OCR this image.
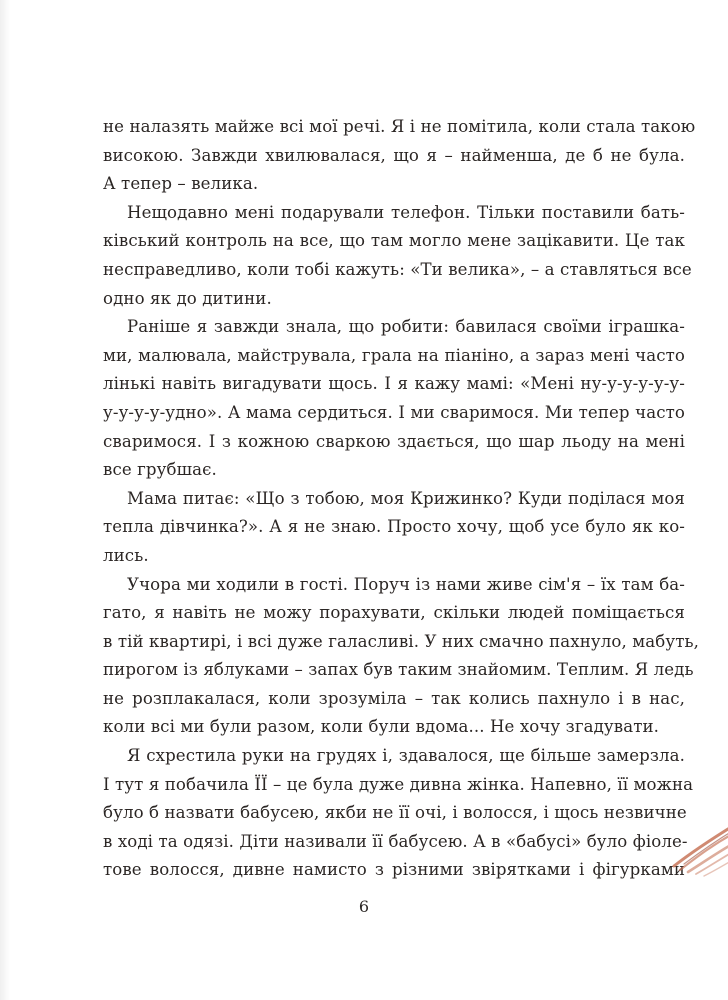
не налазять майже всі мої речі. Я і не помітила, коли стала такою
високою. Завжди хвилювалася, що я – найменша, де б не була.
А тепер – велика.
Нещодавно мені подарували телефон. Тільки поставили бать-
ківський контроль на все, що там могло мене зацікавити. Це так
несправедливо, коли тобі кажуть: «Ти велика», – а ставляться все
одно як до дитини.
Раніше я завжди знала, що робити: бавилася своїми іграшка-
ми, малювала, майструвала, грала на піаніно, а зараз мені часто
лінькі навіть вигадувати щось. І я кажу мамі: «Мені ну-у-у-у-у-у-
у-у-у-у-удно». А мама сердиться. І ми сваримося. Ми тепер часто
сваримося. І з кожною сваркою здається, що шар льоду на мені
все грубшає.
Мама питає: «Що з тобою, моя Крижинко? Куди поділася моя
тепла дівчинка?». А я не знаю. Просто хочу, щоб усе було як ко-
лись.
Учора ми ходили в гості. Поруч із нами живе сім'я – їх там ба-
гато, я навіть не можу порахувати, скільки людей поміщається
в тій квартирі, і всі дуже галасливі. У них смачно пахнуло, мабуть,
пирогом із яблуками – запах був таким знайомим. Теплим. Я ледь
не розплакалася, коли зрозуміла – так колись пахнуло і в нас,
коли всі ми були разом, коли були вдома... Не хочу згадувати.
Я схрестила руки на грудях і, здавалося, ще більше замерзла.
І тут я побачила ЇЇ – це була дуже дивна жінка. Напевно, її можна
було б назвати бабусею, якби не її очі, і волосся, і щось незвичне
в ході та одязі. Діти називали її бабусею. А в «бабусі» було фіоле-
тове волосся, дивне намисто з різними звірятками і фігурками
6
